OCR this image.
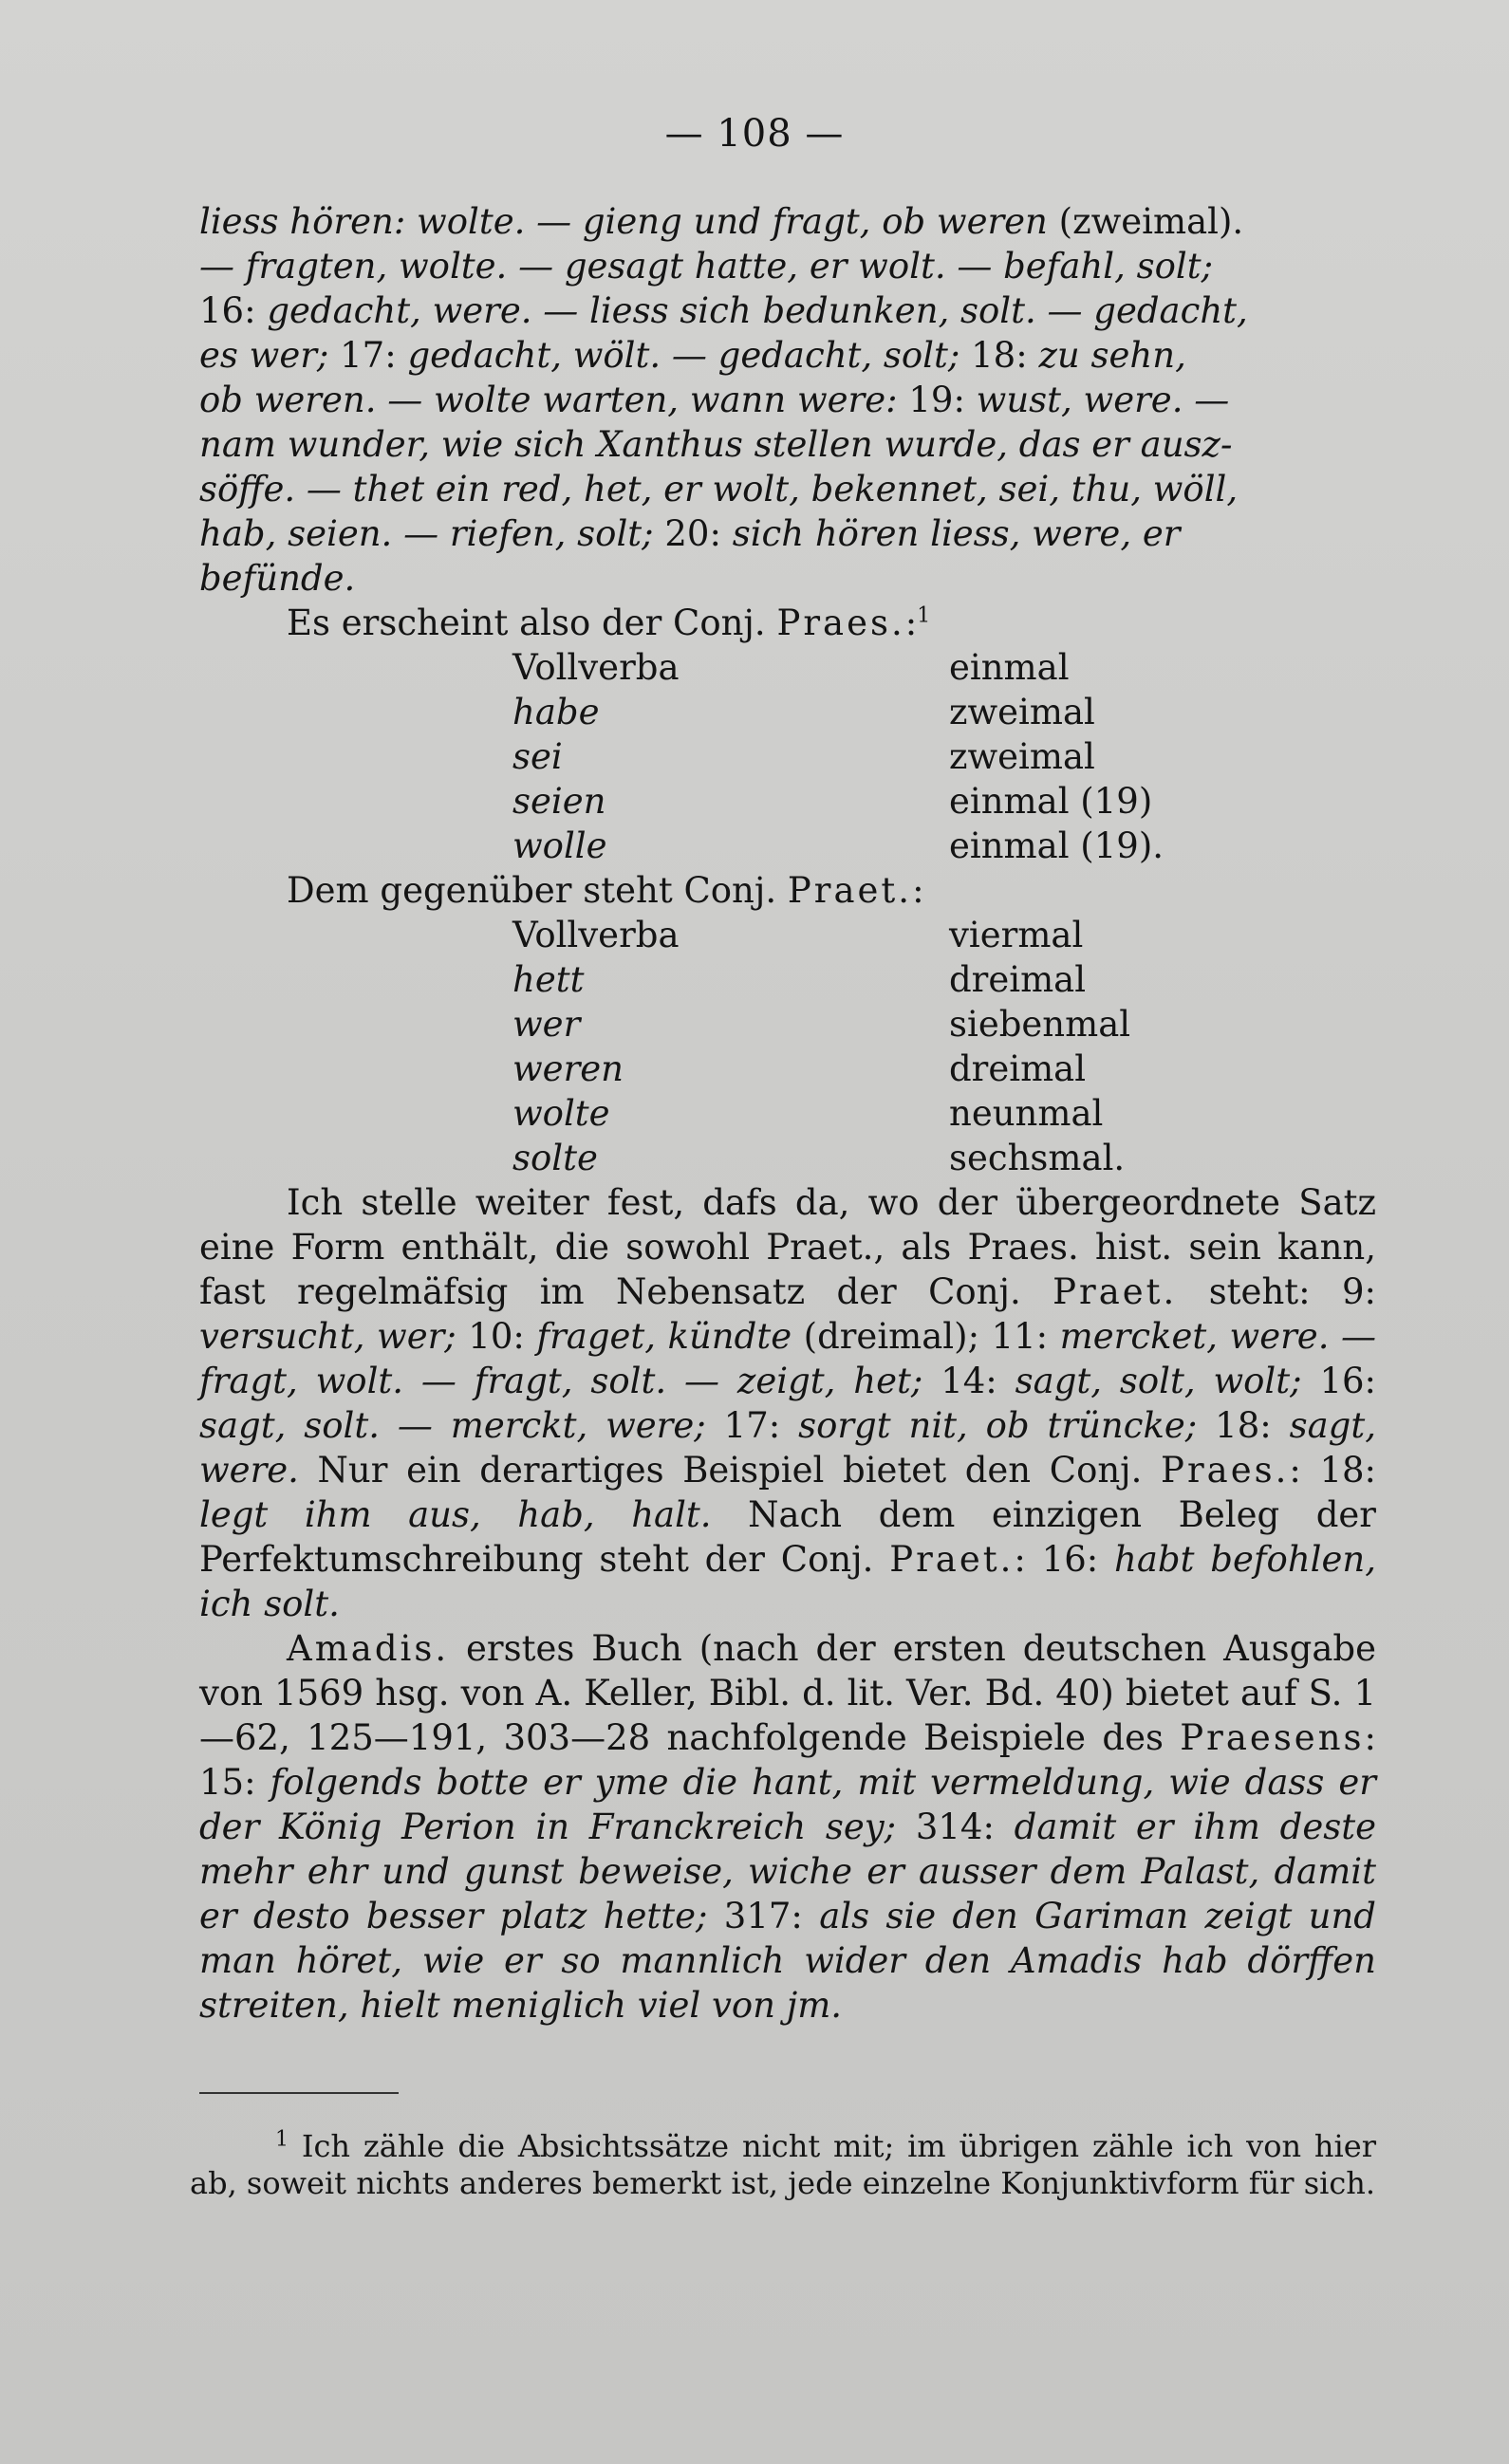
— 108 —
liess hören: wolte. — gieng und fragt, ob weren (zweimal).
— fragten, wolte. — gesagt hatte, er wolt. — befahl, solt;
16: gedacht, were. — liess sich bedunken, solt. — gedacht,
es wer; 17: gedacht, wölt. — gedacht, solt; 18: zu sehn,
ob weren. — wolte warten, wann were: 19: wust, were. —
nam wunder, wie sich Xanthus stellen wurde, das er ausz-
söffe. — thet ein red, het, er wolt, bekennet, sei, thu, wöll,
hab, seien. — riefen, solt; 20: sich hören liess, were, er
befünde.
Es erscheint also der Conj. Praes.:$^1$
Vollverba	einmal
habe	zweimal
sei	zweimal
seien	einmal (19)
wolle	einmal (19).
Dem gegenüber steht Conj. Praet.:
Vollverba	viermal
hett	dreimal
wer	siebenmal
weren	dreimal
wolte	neunmal
solte	sechsmal.
Ich stelle weiter fest, dafs da, wo der übergeordnete Satz eine Form enthält, die sowohl Praet., als Praes. hist. sein kann, fast regelmäfsig im Nebensatz der Conj. Praet. steht: 9: versucht, wer; 10: fraget, kündte (dreimal); 11: mercket, were. — fragt, wolt. — fragt, solt. — zeigt, het; 14: sagt, solt, wolt; 16: sagt, solt. — merckt, were; 17: sorgt nit, ob trüncke; 18: sagt, were. Nur ein derartiges Beispiel bietet den Conj. Praes.: 18: legt ihm aus, hab, halt. Nach dem einzigen Beleg der Perfektumschreibung steht der Conj. Praet.: 16: habt befohlen, ich solt.
Amadis. erstes Buch (nach der ersten deutschen Ausgabe von 1569 hsg. von A. Keller, Bibl. d. lit. Ver. Bd. 40) bietet auf S. 1—62, 125—191, 303—28 nachfolgende Beispiele des Praesens: 15: folgends botte er yme die hant, mit vermeldung, wie dass er der König Perion in Franckreich sey; 314: damit er ihm deste mehr ehr und gunst beweise, wiche er ausser dem Palast, damit er desto besser platz hette; 317: als sie den Gariman zeigt und man höret, wie er so mannlich wider den Amadis hab dörffen streiten, hielt meniglich viel von jm.
$^1$ Ich zähle die Absichtssätze nicht mit; im übrigen zähle ich von hier ab, soweit nichts anderes bemerkt ist, jede einzelne Konjunktivform für sich.
